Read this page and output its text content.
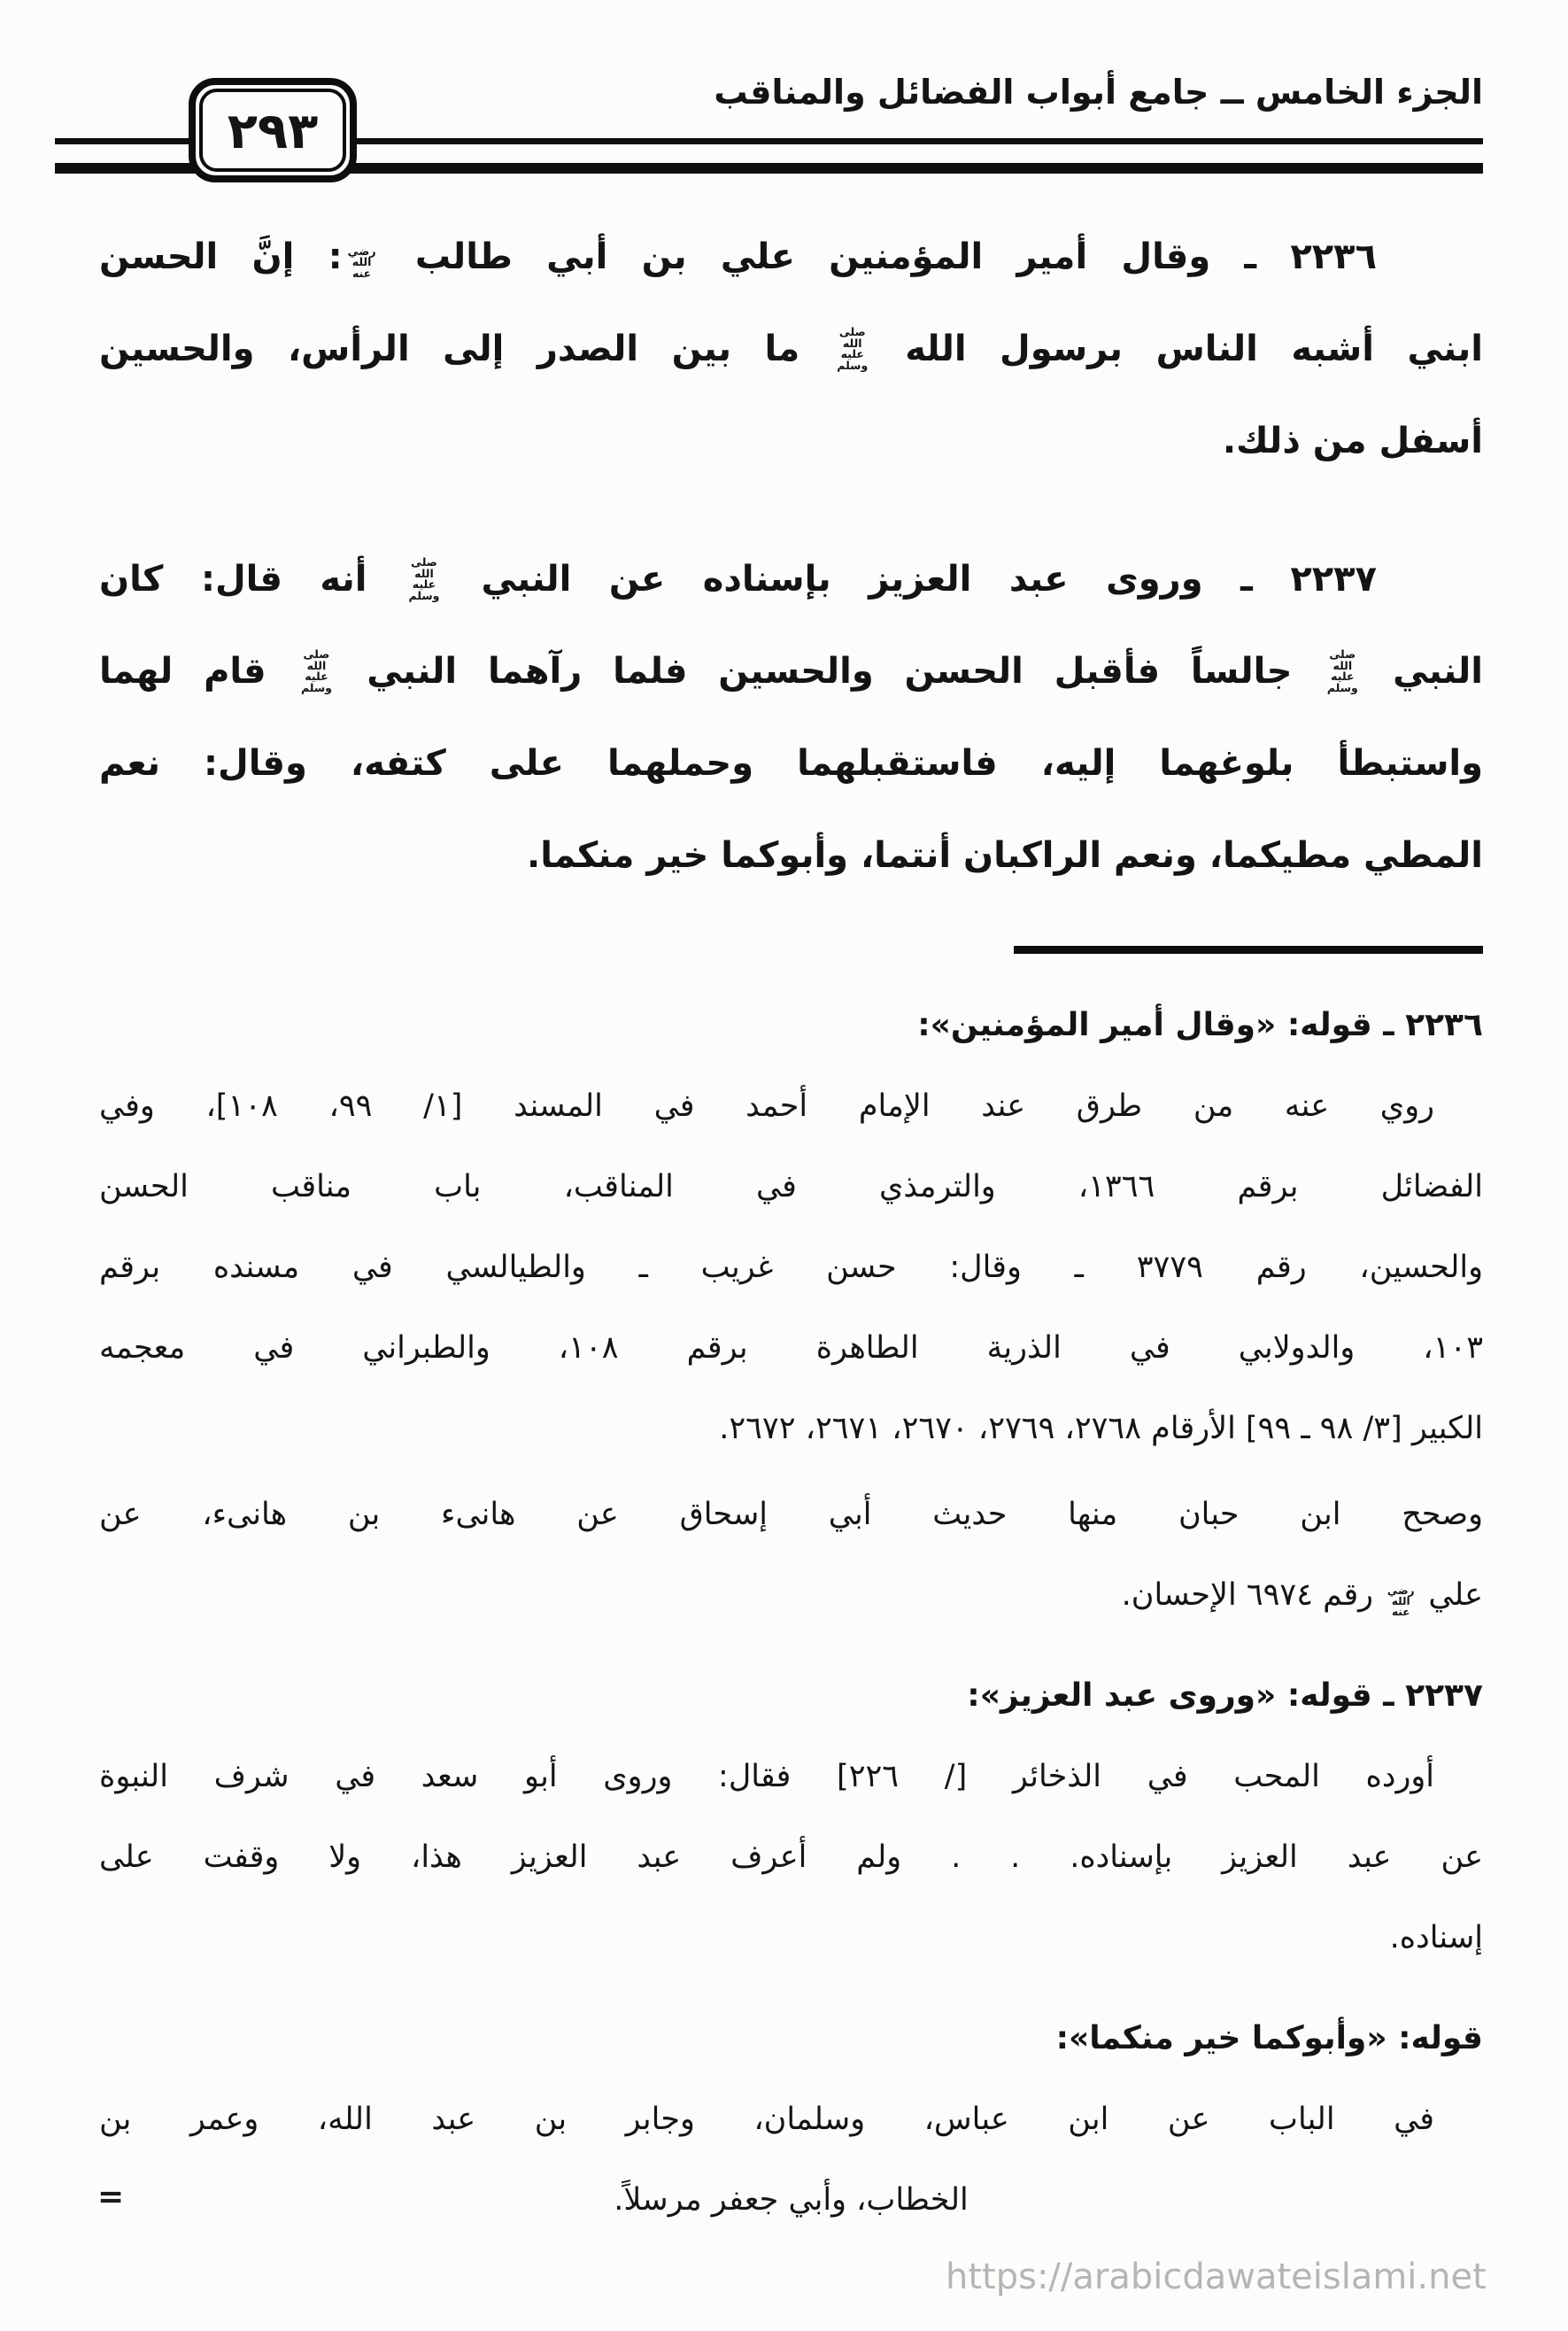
الجزء الخامس ــ جامع أبواب الفضائل والمناقب
٢٩٣
٢٢٣٦ ـ وقال أمير المؤمنين علي بن أبي طالب رضي الله عنه: إنَّ الحسن
ابني أشبه الناس برسول الله صلى الله عليه وسلم ما بين الصدر إلى الرأس، والحسين
أسفل من ذلك.
٢٢٣٧ ـ وروى عبد العزيز بإسناده عن النبي صلى الله عليه وسلم أنه قال: كان
النبي صلى الله عليه وسلم جالساً فأقبل الحسن والحسين فلما رآهما النبي صلى الله عليه وسلم قام لهما
واستبطأ بلوغهما إليه، فاستقبلهما وحملهما على كتفه، وقال: نعم
المطي مطيكما، ونعم الراكبان أنتما، وأبوكما خير منكما.
٢٢٣٦ ـ قوله: «وقال أمير المؤمنين»:
روي عنه من طرق عند الإمام أحمد في المسند [١/ ٩٩، ١٠٨]، وفي
الفضائل برقم ١٣٦٦، والترمذي في المناقب، باب مناقب الحسن
والحسين، رقم ٣٧٧٩ ـ وقال: حسن غريب ـ والطيالسي في مسنده برقم
١٠٣، والدولابي في الذرية الطاهرة برقم ١٠٨، والطبراني في معجمه
الكبير [٣/ ٩٨ ـ ٩٩] الأرقام ٢٧٦٨، ٢٧٦٩، ٢٦٧٠، ٢٦٧١، ٢٦٧٢.
وصحح ابن حبان منها حديث أبي إسحاق عن هانىء بن هانىء، عن
علي رضي الله عنه رقم ٦٩٧٤ الإحسان.
٢٢٣٧ ـ قوله: «وروى عبد العزيز»:
أورده المحب في الذخائر [/ ٢٢٦] فقال: وروى أبو سعد في شرف النبوة
عن عبد العزيز بإسناده. . . ولم أعرف عبد العزيز هذا، ولا وقفت على
إسناده.
قوله: «وأبوكما خير منكما»:
في الباب عن ابن عباس، وسلمان، وجابر بن عبد الله، وعمر بن
الخطاب، وأبي جعفر مرسلاً.
=
https://arabicdawateislami.net
